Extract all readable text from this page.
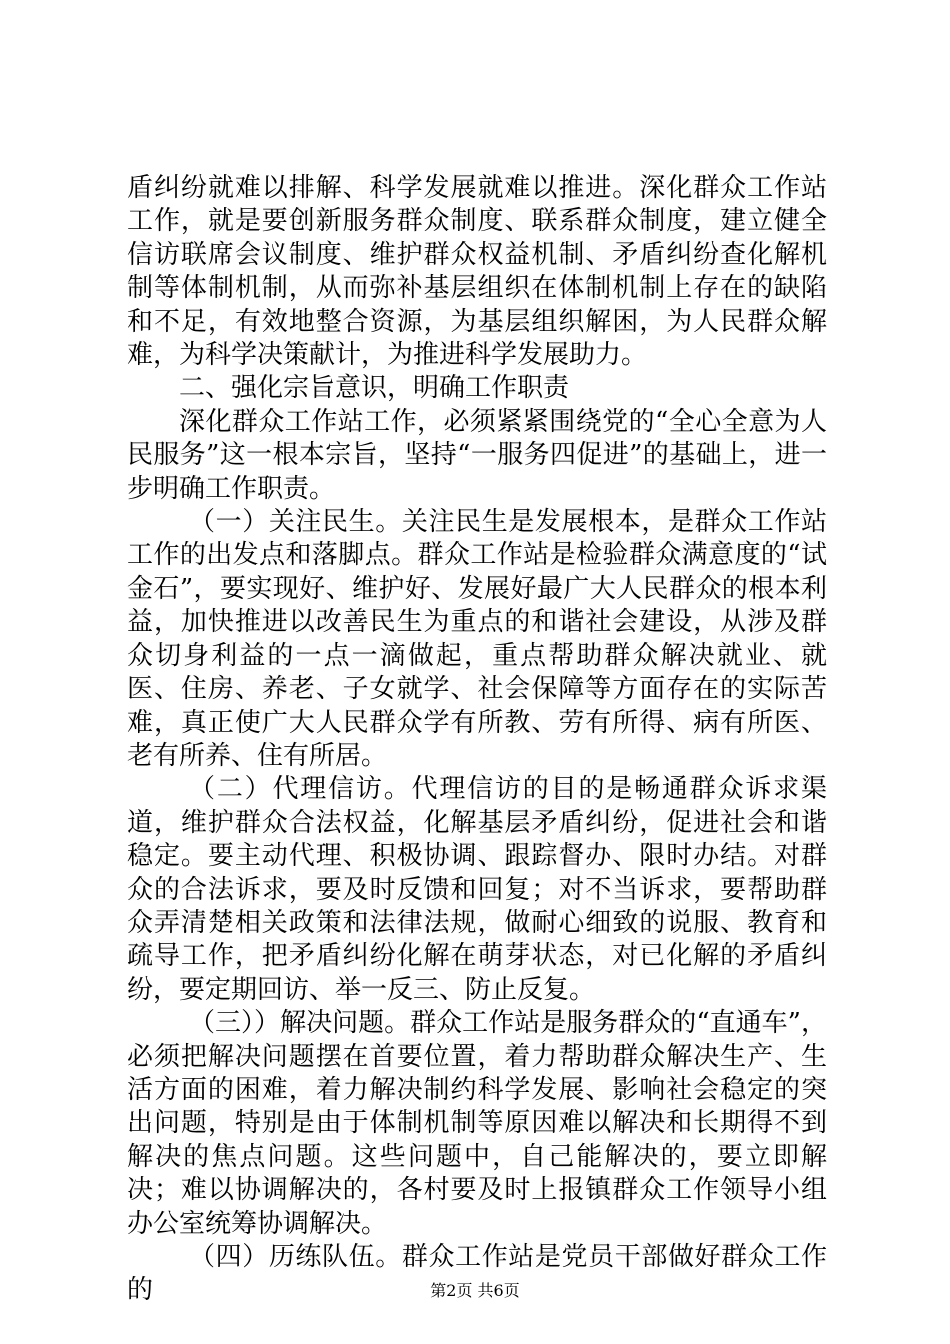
盾纠纷就难以排解、科学发展就难以推进。深化群众工作站工作，就是要创新服务群众制度、联系群众制度，建立健全信访联席会议制度、维护群众权益机制、矛盾纠纷查化解机制等体制机制，从而弥补基层组织在体制机制上存在的缺陷和不足，有效地整合资源，为基层组织解困，为人民群众解难，为科学决策献计，为推进科学发展助力。

二、强化宗旨意识，明确工作职责

深化群众工作站工作，必须紧紧围绕党的“全心全意为人民服务”这一根本宗旨，坚持“一服务四促进”的基础上，进一步明确工作职责。

（一）关注民生。关注民生是发展根本，是群众工作站工作的出发点和落脚点。群众工作站是检验群众满意度的“试金石”，要实现好、维护好、发展好最广大人民群众的根本利益，加快推进以改善民生为重点的和谐社会建设，从涉及群众切身利益的一点一滴做起，重点帮助群众解决就业、就医、住房、养老、子女就学、社会保障等方面存在的实际苦难，真正使广大人民群众学有所教、劳有所得、病有所医、老有所养、住有所居。

（二）代理信访。代理信访的目的是畅通群众诉求渠道，维护群众合法权益，化解基层矛盾纠纷，促进社会和谐稳定。要主动代理、积极协调、跟踪督办、限时办结。对群众的合法诉求，要及时反馈和回复；对不当诉求，要帮助群众弄清楚相关政策和法律法规，做耐心细致的说服、教育和疏导工作，把矛盾纠纷化解在萌芽状态，对已化解的矛盾纠纷，要定期回访、举一反三、防止反复。

（三））解决问题。群众工作站是服务群众的“直通车”，必须把解决问题摆在首要位置，着力帮助群众解决生产、生活方面的困难，着力解决制约科学发展、影响社会稳定的突出问题，特别是由于体制机制等原因难以解决和长期得不到解决的焦点问题。这些问题中，自己能解决的，要立即解决；难以协调解决的，各村要及时上报镇群众工作领导小组办公室统筹协调解决。

（四）历练队伍。群众工作站是党员干部做好群众工作的	第2页 共6页
